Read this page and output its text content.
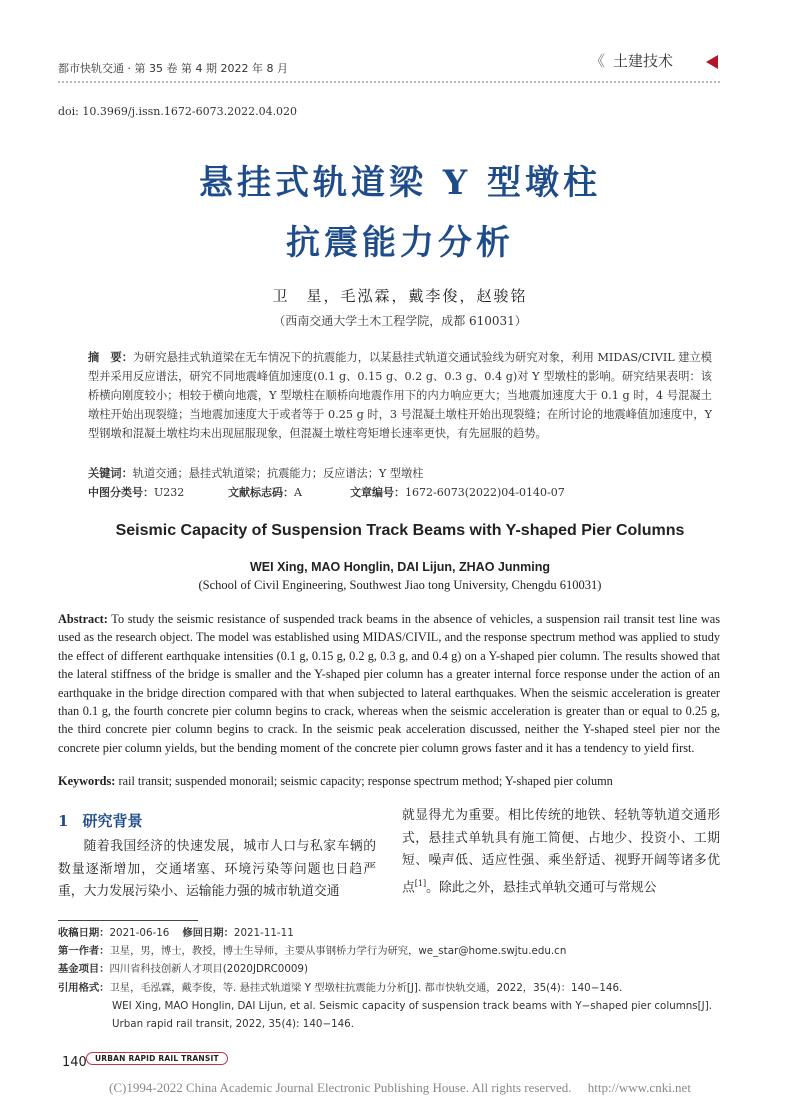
都市快轨交通 · 第 35 卷 第 4 期 2022 年 8 月	《 土建技术
doi: 10.3969/j.issn.1672-6073.2022.04.020
悬挂式轨道梁 Y 型墩柱
抗震能力分析
卫　星，毛泓霖，戴李俊，赵骏铭
（西南交通大学土木工程学院，成都 610031）
摘　要：为研究悬挂式轨道梁在无车情况下的抗震能力，以某悬挂式轨道交通试验线为研究对象，利用 MIDAS/CIVIL 建立模型并采用反应谱法，研究不同地震峰值加速度(0.1 g、0.15 g、0.2 g、0.3 g、0.4 g)对 Y 型墩柱的影响。研究结果表明：该桥横向刚度较小；相较于横向地震，Y 型墩柱在顺桥向地震作用下的内力响应更大；当地震加速度大于 0.1 g 时，4 号混凝土墩柱开始出现裂缝；当地震加速度大于或者等于 0.25 g 时，3 号混凝土墩柱开始出现裂缝；在所讨论的地震峰值加速度中，Y 型钢墩和混凝土墩柱均未出现屈服现象，但混凝土墩柱弯矩增长速率更快，有先屈服的趋势。
关键词：轨道交通；悬挂式轨道梁；抗震能力；反应谱法；Y 型墩柱
中图分类号：U232	文献标志码：A	文章编号：1672-6073(2022)04-0140-07
Seismic Capacity of Suspension Track Beams with Y-shaped Pier Columns
WEI Xing, MAO Honglin, DAI Lijun, ZHAO Junming
(School of Civil Engineering, Southwest Jiao tong University, Chengdu 610031)
Abstract: To study the seismic resistance of suspended track beams in the absence of vehicles, a suspension rail transit test line was used as the research object. The model was established using MIDAS/CIVIL, and the response spectrum method was applied to study the effect of different earthquake intensities (0.1 g, 0.15 g, 0.2 g, 0.3 g, and 0.4 g) on a Y-shaped pier column. The results showed that the lateral stiffness of the bridge is smaller and the Y-shaped pier column has a greater internal force response under the action of an earthquake in the bridge direction compared with that when subjected to lateral earthquakes. When the seismic acceleration is greater than 0.1 g, the fourth concrete pier column begins to crack, whereas when the seismic acceleration is greater than or equal to 0.25 g, the third concrete pier column begins to crack. In the seismic peak acceleration discussed, neither the Y-shaped steel pier nor the concrete pier column yields, but the bending moment of the concrete pier column grows faster and it has a tendency to yield first.
Keywords: rail transit; suspended monorail; seismic capacity; response spectrum method; Y-shaped pier column
1 研究背景
随着我国经济的快速发展，城市人口与私家车辆的数量逐渐增加，交通堵塞、环境污染等问题也日趋严重，大力发展污染小、运输能力强的城市轨道交通
就显得尤为重要。相比传统的地铁、轻轨等轨道交通形式，悬挂式单轨具有施工简便、占地少、投资小、工期短、噪声低、适应性强、乘坐舒适、视野开阔等诸多优点[1]。除此之外，悬挂式单轨交通可与常规公
收稿日期：2021-06-16 修回日期：2021-11-11
第一作者：卫星，男，博士，教授，博士生导师，主要从事钢桥力学行为研究，we_star@home.swjtu.edu.cn
基金项目：四川省科技创新人才项目(2020JDRC0009)
引用格式：卫星，毛泓霖，戴李俊，等. 悬挂式轨道梁 Y 型墩柱抗震能力分析[J]. 都市快轨交通，2022，35(4)：140−146.
WEI Xing, MAO Honglin, DAI Lijun, et al. Seismic capacity of suspension track beams with Y−shaped pier columns[J].
Urban rapid rail transit, 2022, 35(4): 140−146.
140	URBAN RAPID RAIL TRANSIT
(C)1994-2022 China Academic Journal Electronic Publishing House. All rights reserved.　 http://www.cnki.net
